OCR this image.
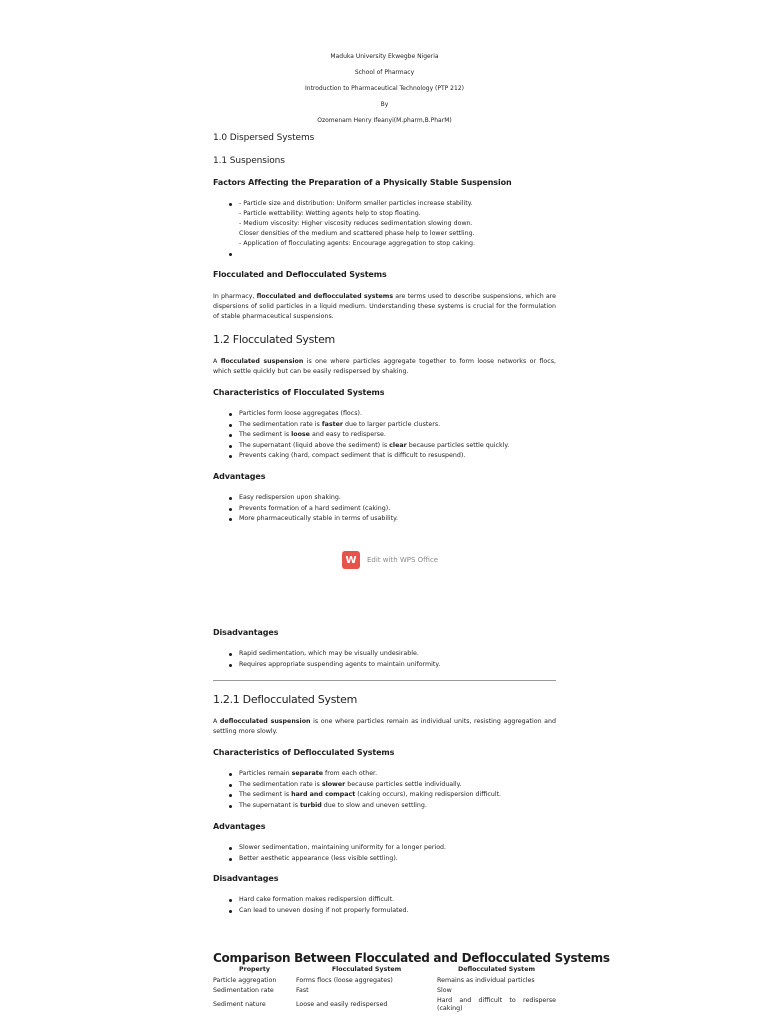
Maduka University Ekwegbe Nigeria
School of Pharmacy
Introduction to Pharmaceutical Technology (PTP 212)
By
Ozomenam Henry Ifeanyi(M.pharm,B.PharM)
1.0 Dispersed Systems
1.1 Suspensions
Factors Affecting the Preparation of a Physically Stable Suspension
- Particle size and distribution: Uniform smaller particles increase stability.
- Particle wettability: Wetting agents help to stop floating.
- Medium viscosity: Higher viscosity reduces sedimentation slowing down.
Closer densities of the medium and scattered phase help to lower settling.
- Application of flocculating agents: Encourage aggregation to stop caking.

Flocculated and Deflocculated Systems
In pharmacy, flocculated and deflocculated systems are terms used to describe suspensions, which are dispersions of solid particles in a liquid medium. Understanding these systems is crucial for the formulation of stable pharmaceutical suspensions.
1.2 Flocculated System
A flocculated suspension is one where particles aggregate together to form loose networks or flocs, which settle quickly but can be easily redispersed by shaking.
Characteristics of Flocculated Systems
Particles form loose aggregates (flocs).
The sedimentation rate is faster due to larger particle clusters.
The sediment is loose and easy to redisperse.
The supernatant (liquid above the sediment) is clear because particles settle quickly.
Prevents caking (hard, compact sediment that is difficult to resuspend).
Advantages
Easy redispersion upon shaking.
Prevents formation of a hard sediment (caking).
More pharmaceutically stable in terms of usability.
W	Edit with WPS Office
Disadvantages
Rapid sedimentation, which may be visually undesirable.
Requires appropriate suspending agents to maintain uniformity.
1.2.1 Deflocculated System
A deflocculated suspension is one where particles remain as individual units, resisting aggregation and settling more slowly.
Characteristics of Deflocculated Systems
Particles remain separate from each other.
The sedimentation rate is slower because particles settle individually.
The sediment is hard and compact (caking occurs), making redispersion difficult.
The supernatant is turbid due to slow and uneven settling.
Advantages
Slower sedimentation, maintaining uniformity for a longer period.
Better aesthetic appearance (less visible settling).
Disadvantages
Hard cake formation makes redispersion difficult.
Can lead to uneven dosing if not properly formulated.
Comparison Between Flocculated and Deflocculated Systems
Property	Flocculated System	Deflocculated System
Particle aggregation	Forms flocs (loose aggregates)	Remains as individual particles
Sedimentation rate	Fast	Slow
Sediment nature	Loose and easily redispersed	Hard and difficult to redisperse (caking)
